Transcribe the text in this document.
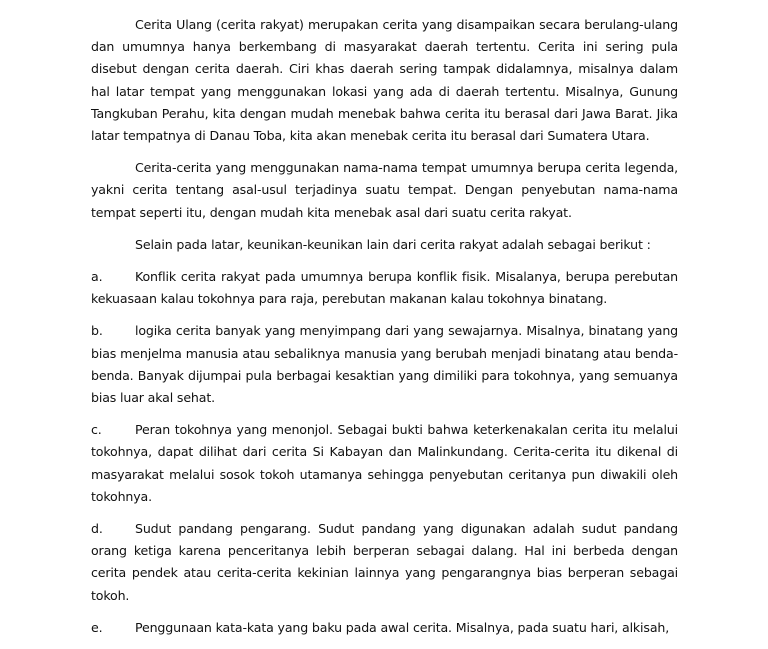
Cerita Ulang (cerita rakyat) merupakan cerita yang disampaikan secara berulang-ulang dan umumnya hanya berkembang di masyarakat daerah tertentu. Cerita ini sering pula disebut dengan cerita daerah. Ciri khas daerah sering tampak didalamnya, misalnya dalam hal latar tempat yang menggunakan lokasi yang ada di daerah tertentu. Misalnya, Gunung Tangkuban Perahu, kita dengan mudah menebak bahwa cerita itu berasal dari Jawa Barat. Jika latar tempatnya di Danau Toba, kita akan menebak cerita itu berasal dari Sumatera Utara.

Cerita-cerita yang menggunakan nama-nama tempat umumnya berupa cerita legenda, yakni cerita tentang asal-usul terjadinya suatu tempat. Dengan penyebutan nama-nama tempat seperti itu, dengan mudah kita menebak asal dari suatu cerita rakyat.

Selain pada latar, keunikan-keunikan lain dari cerita rakyat adalah sebagai berikut :

a.	Konflik cerita rakyat pada umumnya berupa konflik fisik. Misalanya, berupa perebutan kekuasaan kalau tokohnya para raja, perebutan makanan kalau tokohnya binatang.

b.	logika cerita banyak yang menyimpang dari yang sewajarnya. Misalnya, binatang yang bias menjelma manusia atau sebaliknya manusia yang berubah menjadi binatang atau benda-benda. Banyak dijumpai pula berbagai kesaktian yang dimiliki para tokohnya, yang semuanya bias luar akal sehat.

c.	Peran tokohnya yang menonjol. Sebagai bukti bahwa keterkenakalan cerita itu melalui tokohnya, dapat dilihat dari cerita Si Kabayan dan Malinkundang. Cerita-cerita itu dikenal di masyarakat melalui sosok tokoh utamanya sehingga penyebutan ceritanya pun diwakili oleh tokohnya.

d.	Sudut pandang pengarang. Sudut pandang yang digunakan adalah sudut pandang orang ketiga karena penceritanya lebih berperan sebagai dalang. Hal ini berbeda dengan cerita pendek atau cerita-cerita kekinian lainnya yang pengarangnya bias berperan sebagai tokoh.

e.	Penggunaan kata-kata yang baku pada awal cerita. Misalnya, pada suatu hari, alkisah,
